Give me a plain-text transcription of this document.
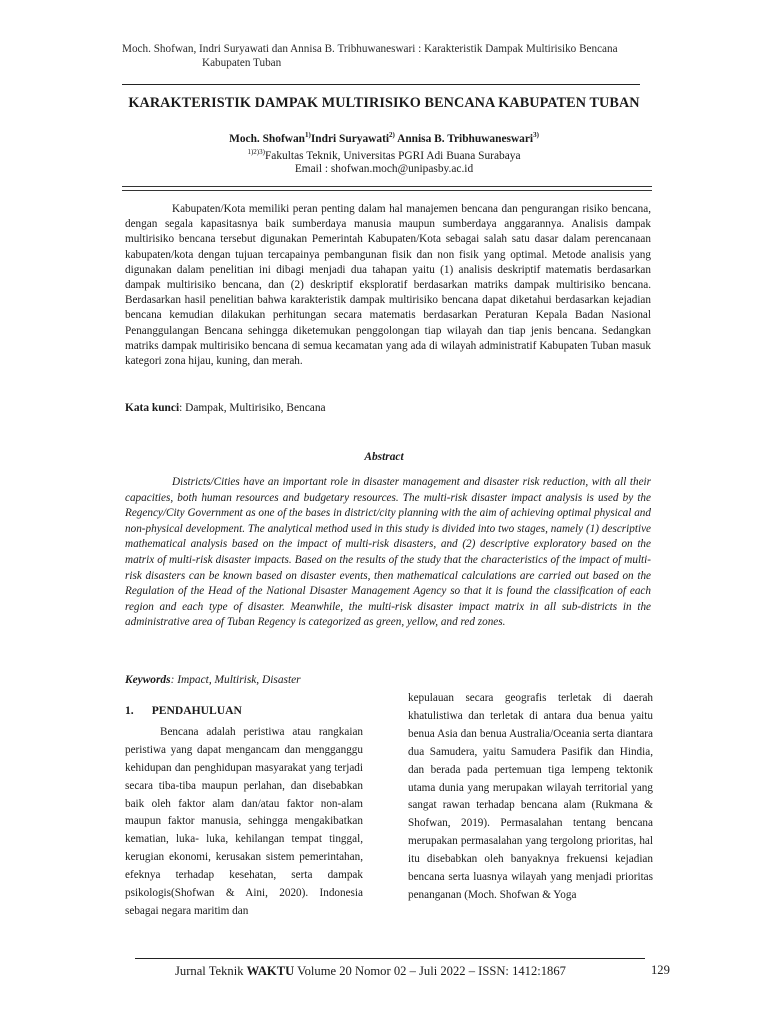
Moch. Shofwan, Indri Suryawati dan Annisa B. Tribhuwaneswari : Karakteristik Dampak Multirisiko Bencana
Kabupaten Tuban
KARAKTERISTIK DAMPAK MULTIRISIKO BENCANA KABUPATEN TUBAN
Moch. Shofwan$^{1)}$Indri Suryawati$^{2)}$ Annisa B. Tribhuwaneswari$^{3)}$
$^{1)2)3)}$Fakultas Teknik, Universitas PGRI Adi Buana Surabaya
Email : shofwan.moch@unipasby.ac.id
Kabupaten/Kota memiliki peran penting dalam hal manajemen bencana dan pengurangan risiko bencana, dengan segala kapasitasnya baik sumberdaya manusia maupun sumberdaya anggarannya. Analisis dampak multirisiko bencana tersebut digunakan Pemerintah Kabupaten/Kota sebagai salah satu dasar dalam perencanaan kabupaten/kota dengan tujuan tercapainya pembangunan fisik dan non fisik yang optimal. Metode analisis yang digunakan dalam penelitian ini dibagi menjadi dua tahapan yaitu (1) analisis deskriptif matematis berdasarkan dampak multirisiko bencana, dan (2) deskriptif eksploratif berdasarkan matriks dampak multirisiko bencana. Berdasarkan hasil penelitian bahwa karakteristik dampak multirisiko bencana dapat diketahui berdasarkan kejadian bencana kemudian dilakukan perhitungan secara matematis berdasarkan Peraturan Kepala Badan Nasional Penanggulangan Bencana sehingga diketemukan penggolongan tiap wilayah dan tiap jenis bencana. Sedangkan matriks dampak multirisiko bencana di semua kecamatan yang ada di wilayah administratif Kabupaten Tuban masuk kategori zona hijau, kuning, dan merah.
Kata kunci: Dampak, Multirisiko, Bencana
Abstract
Districts/Cities have an important role in disaster management and disaster risk reduction, with all their capacities, both human resources and budgetary resources. The multi-risk disaster impact analysis is used by the Regency/City Government as one of the bases in district/city planning with the aim of achieving optimal physical and non-physical development. The analytical method used in this study is divided into two stages, namely (1) descriptive mathematical analysis based on the impact of multi-risk disasters, and (2) descriptive exploratory based on the matrix of multi-risk disaster impacts. Based on the results of the study that the characteristics of the impact of multi-risk disasters can be known based on disaster events, then mathematical calculations are carried out based on the Regulation of the Head of the National Disaster Management Agency so that it is found the classification of each region and each type of disaster. Meanwhile, the multi-risk disaster impact matrix in all sub-districts in the administrative area of Tuban Regency is categorized as green, yellow, and red zones.
Keywords: Impact, Multirisk, Disaster
1. PENDAHULUAN
Bencana adalah peristiwa atau rangkaian peristiwa yang dapat mengancam dan mengganggu kehidupan dan penghidupan masyarakat yang terjadi secara tiba-tiba maupun perlahan, dan disebabkan baik oleh faktor alam dan/atau faktor non-alam maupun faktor manusia, sehingga mengakibatkan kematian, luka- luka, kehilangan tempat tinggal, kerugian ekonomi, kerusakan sistem pemerintahan, efeknya terhadap kesehatan, serta dampak psikologis(Shofwan & Aini, 2020). Indonesia sebagai negara maritim dan
kepulauan secara geografis terletak di daerah khatulistiwa dan terletak di antara dua benua yaitu benua Asia dan benua Australia/Oceania serta diantara dua Samudera, yaitu Samudera Pasifik dan Hindia, dan berada pada pertemuan tiga lempeng tektonik utama dunia yang merupakan wilayah territorial yang sangat rawan terhadap bencana alam (Rukmana & Shofwan, 2019). Permasalahan tentang bencana merupakan permasalahan yang tergolong prioritas, hal itu disebabkan oleh banyaknya frekuensi kejadian bencana serta luasnya wilayah yang menjadi prioritas penanganan (Moch. Shofwan & Yoga
Jurnal Teknik WAKTU Volume 20 Nomor 02 – Juli 2022 – ISSN: 1412:1867	129
